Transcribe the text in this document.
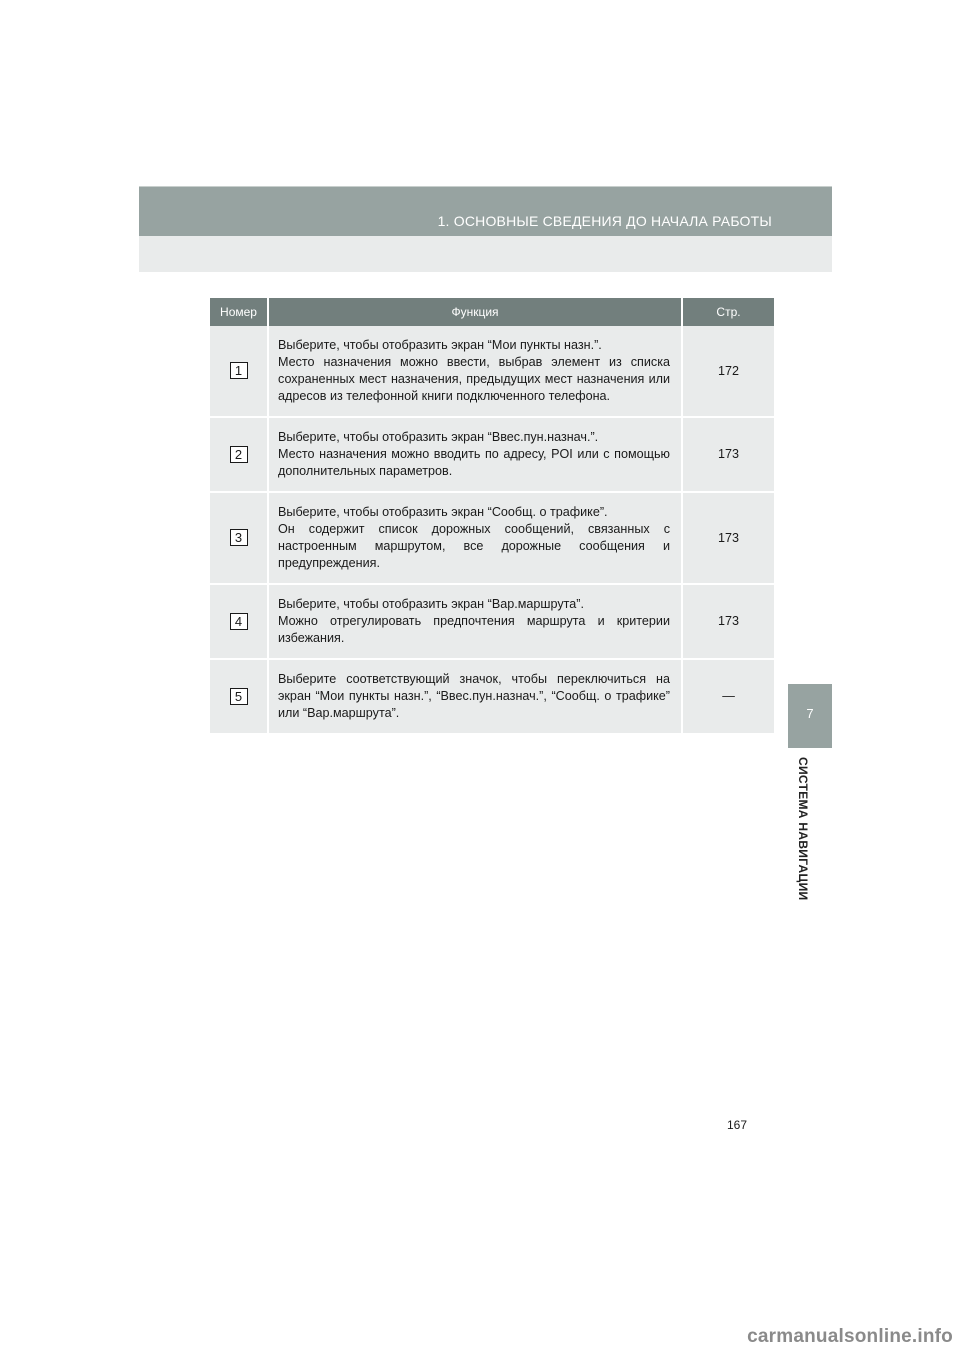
1. ОСНОВНЫЕ СВЕДЕНИЯ ДО НАЧАЛА РАБОТЫ
7
СИСТЕМА НАВИГАЦИИ
Номер	Функция	Стр.
1	Выберите, чтобы отобразить экран “Мои пункты назн.”.
Место назначения можно ввести, выбрав элемент из списка сохраненных мест назначения, предыдущих мест назначения или адресов из телефонной книги подключенного телефона.	172
2	Выберите, чтобы отобразить экран “Ввес.пун.назнач.”.
Место назначения можно вводить по адресу, POI или с помощью дополнительных параметров.	173
3	Выберите, чтобы отобразить экран “Сообщ. о трафике”.
Он содержит список дорожных сообщений, связанных с настроенным маршрутом, все дорожные сообщения и предупреждения.	173
4	Выберите, чтобы отобразить экран “Вар.маршрута”.
Можно отрегулировать предпочтения маршрута и критерии избежания.	173
5	Выберите соответствующий значок, чтобы переключиться на экран “Мои пункты назн.”, “Ввес.пун.назнач.”, “Сообщ. о трафике” или “Вар.маршрута”.	—
167
carmanualsonline.info
